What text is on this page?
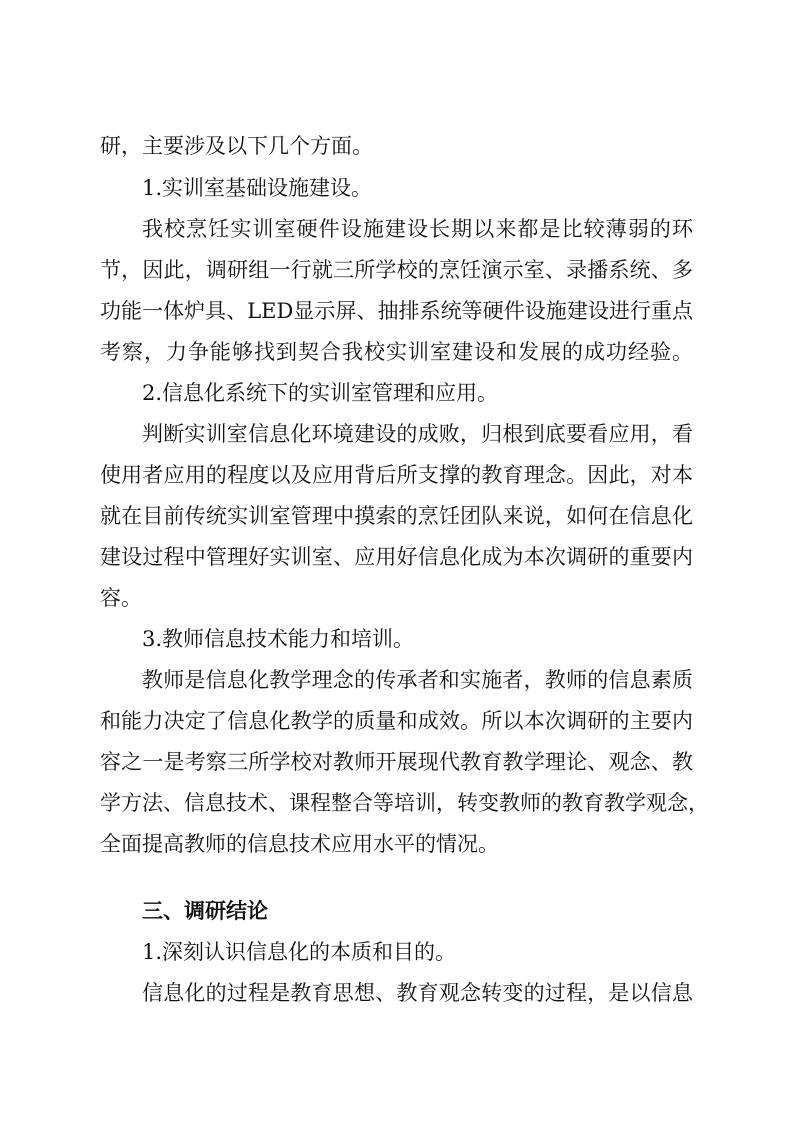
研，主要涉及以下几个方面。
1.实训室基础设施建设。
我校烹饪实训室硬件设施建设长期以来都是比较薄弱的环
节，因此，调研组一行就三所学校的烹饪演示室、录播系统、多
功能一体炉具、LED显示屏、抽排系统等硬件设施建设进行重点
考察，力争能够找到契合我校实训室建设和发展的成功经验。
2.信息化系统下的实训室管理和应用。
判断实训室信息化环境建设的成败，归根到底要看应用，看
使用者应用的程度以及应用背后所支撑的教育理念。因此，对本
就在目前传统实训室管理中摸索的烹饪团队来说，如何在信息化
建设过程中管理好实训室、应用好信息化成为本次调研的重要内
容。
3.教师信息技术能力和培训。
教师是信息化教学理念的传承者和实施者，教师的信息素质
和能力决定了信息化教学的质量和成效。所以本次调研的主要内
容之一是考察三所学校对教师开展现代教育教学理论、观念、教
学方法、信息技术、课程整合等培训，转变教师的教育教学观念，
全面提高教师的信息技术应用水平的情况。
三、调研结论
1.深刻认识信息化的本质和目的。
信息化的过程是教育思想、教育观念转变的过程，是以信息
